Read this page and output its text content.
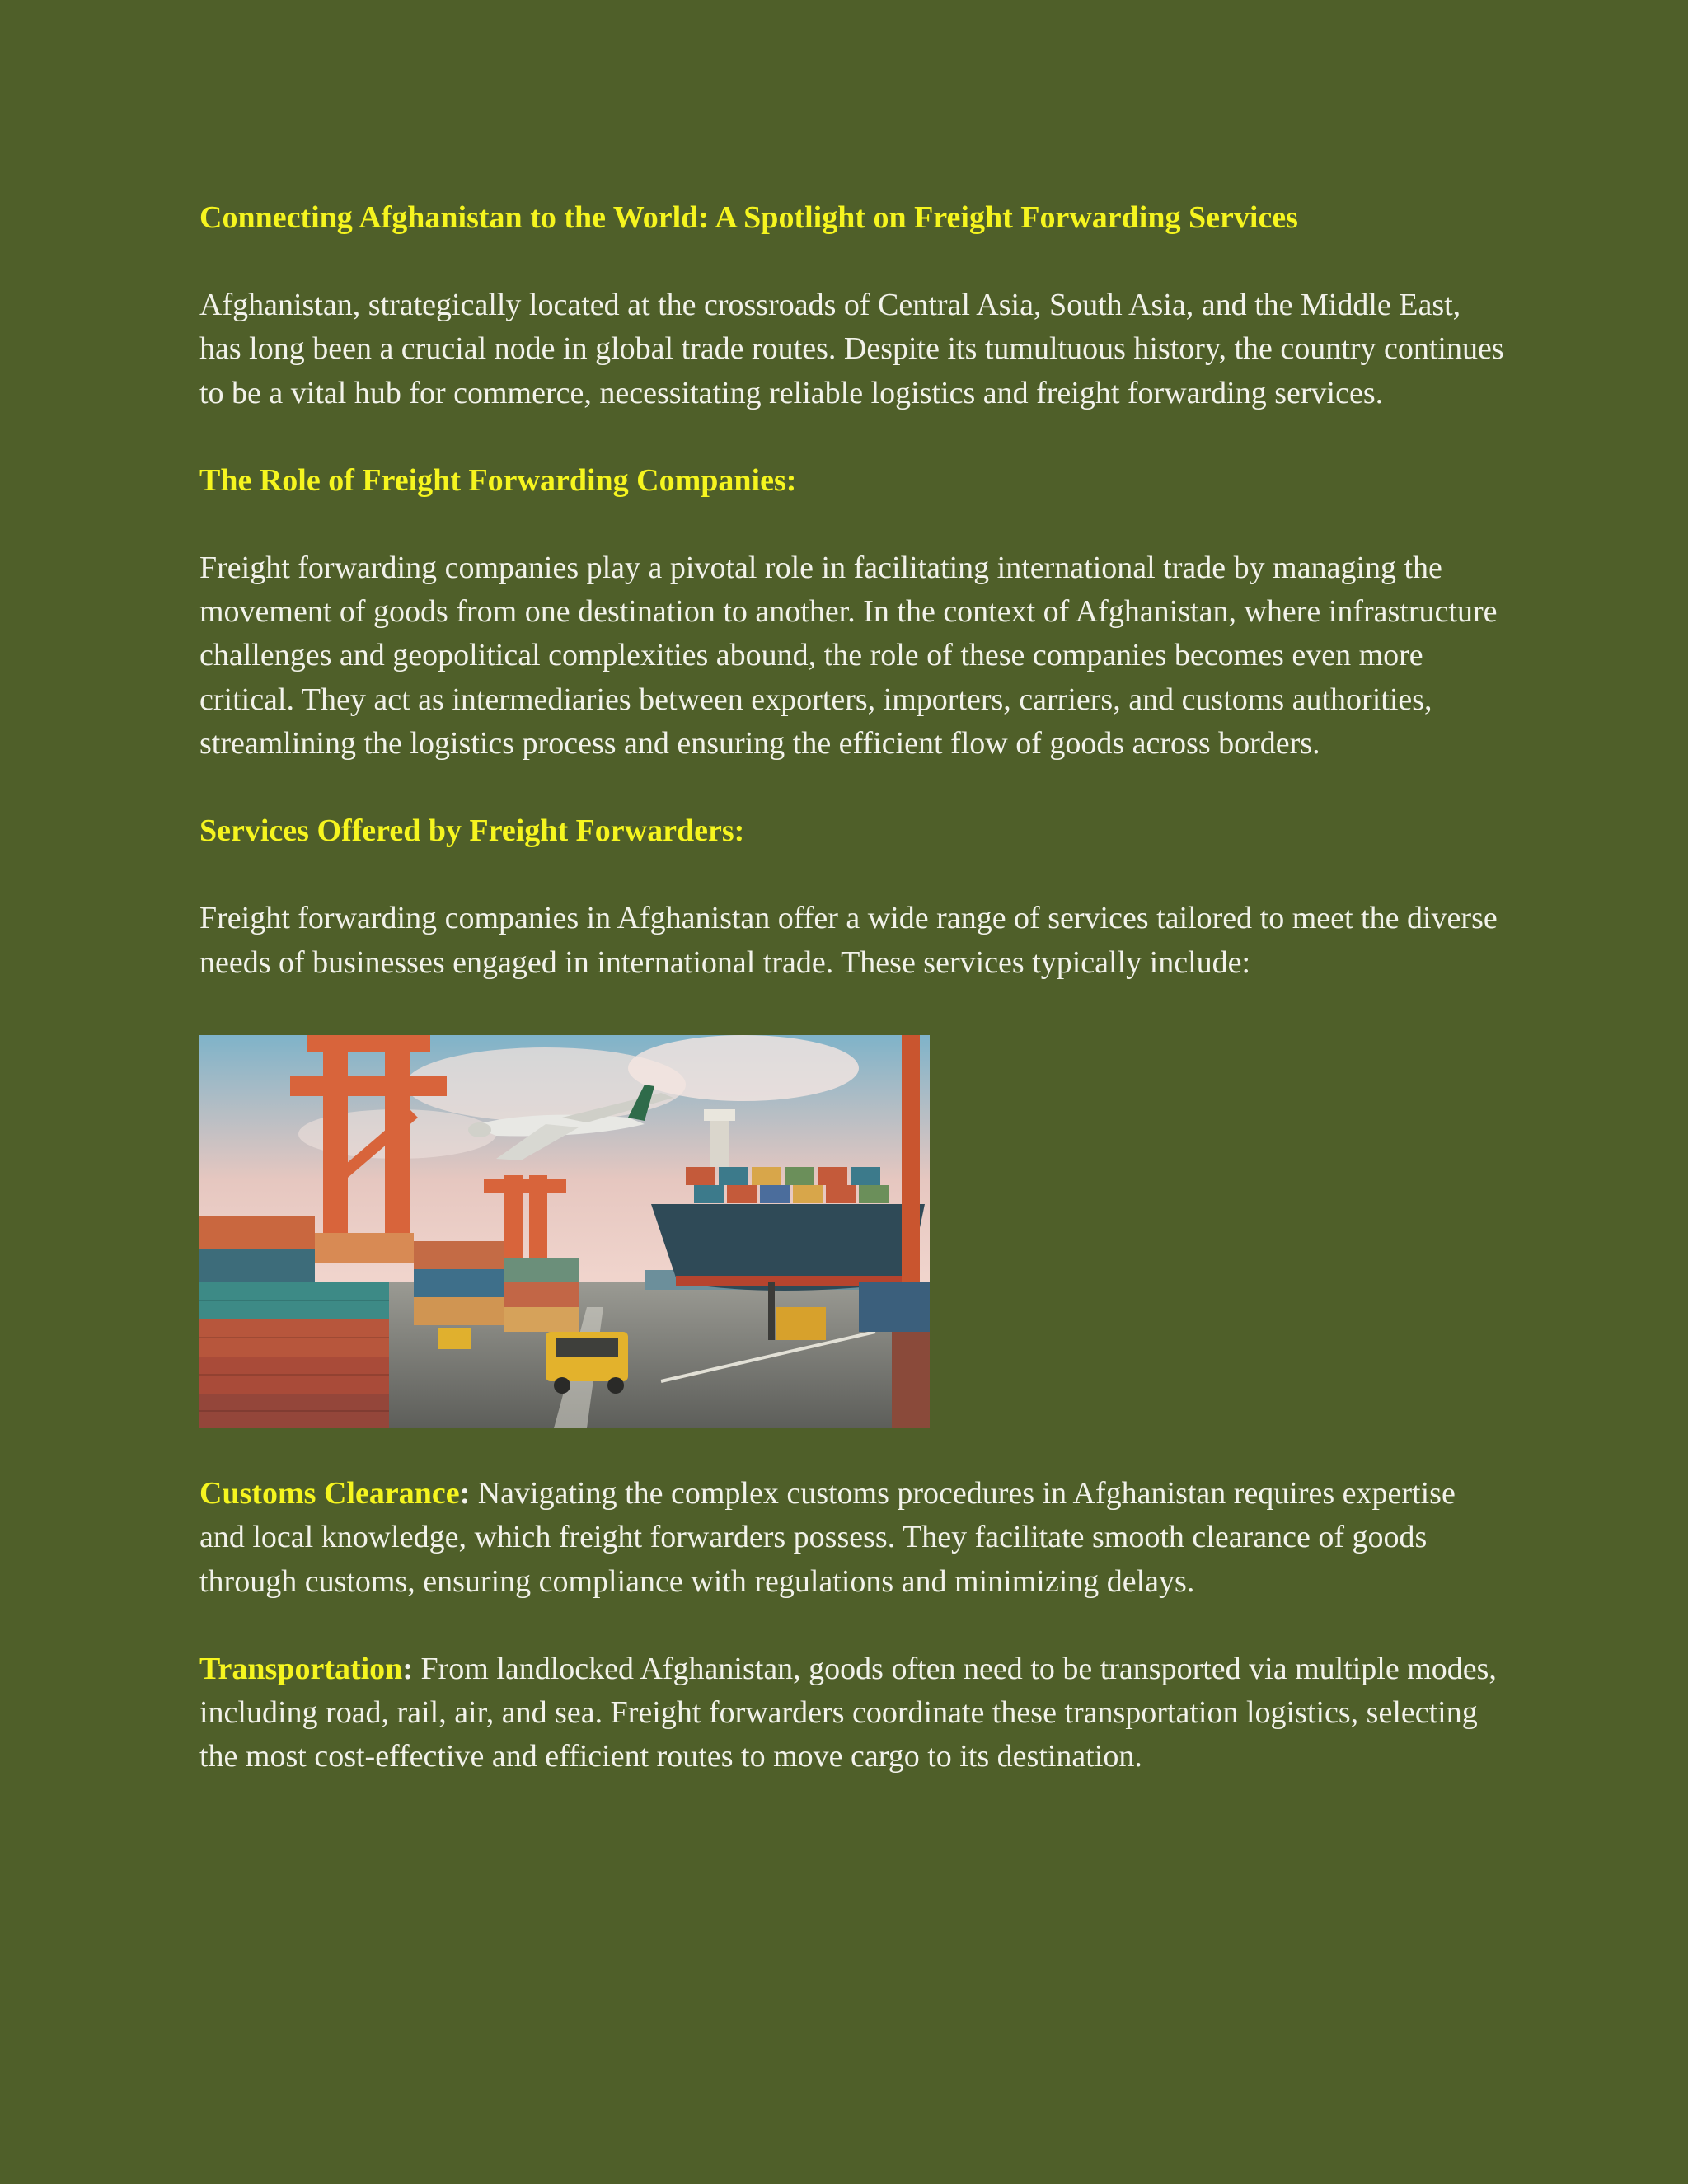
Connecting Afghanistan to the World: A Spotlight on Freight Forwarding Services

Afghanistan, strategically located at the crossroads of Central Asia, South Asia, and the Middle East, has long been a crucial node in global trade routes. Despite its tumultuous history, the country continues to be a vital hub for commerce, necessitating reliable logistics and freight forwarding services.

The Role of Freight Forwarding Companies:

Freight forwarding companies play a pivotal role in facilitating international trade by managing the movement of goods from one destination to another. In the context of Afghanistan, where infrastructure challenges and geopolitical complexities abound, the role of these companies becomes even more critical. They act as intermediaries between exporters, importers, carriers, and customs authorities, streamlining the logistics process and ensuring the efficient flow of goods across borders.

Services Offered by Freight Forwarders:

Freight forwarding companies in Afghanistan offer a wide range of services tailored to meet the diverse needs of businesses engaged in international trade. These services typically include:

Customs Clearance: Navigating the complex customs procedures in Afghanistan requires expertise and local knowledge, which freight forwarders possess. They facilitate smooth clearance of goods through customs, ensuring compliance with regulations and minimizing delays.

Transportation: From landlocked Afghanistan, goods often need to be transported via multiple modes, including road, rail, air, and sea. Freight forwarders coordinate these transportation logistics, selecting the most cost-effective and efficient routes to move cargo to its destination.
